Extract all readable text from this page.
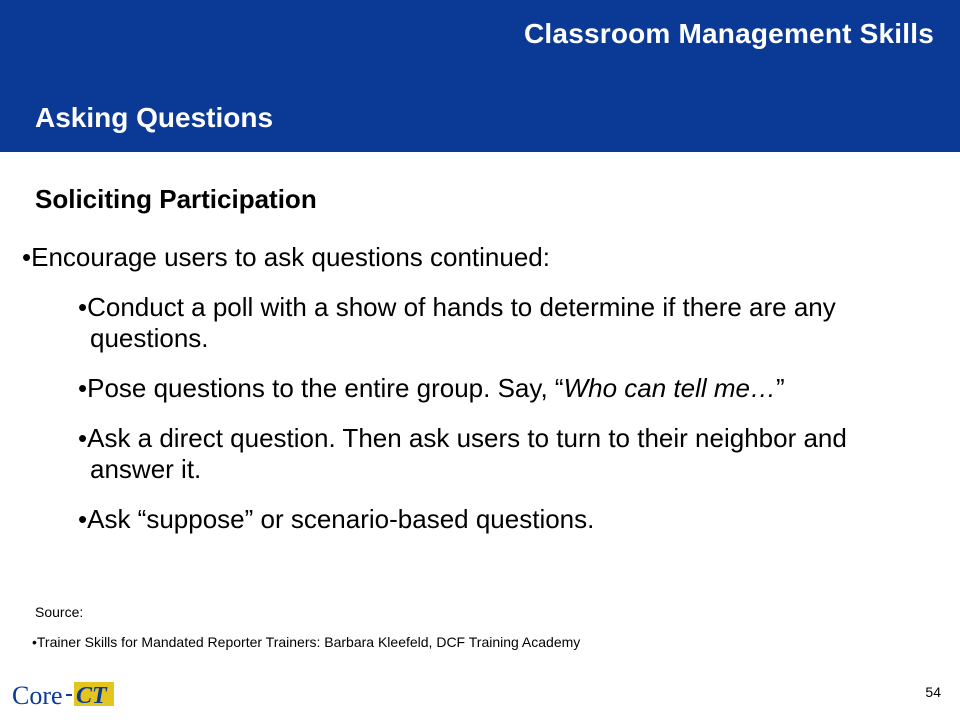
Classroom Management Skills
Asking Questions
Soliciting Participation
•Encourage users to ask questions continued:
•Conduct a poll with a show of hands to determine if there are any questions.
•Pose questions to the entire group. Say, “Who can tell me…”
•Ask a direct question. Then ask users to turn to their neighbor and answer it.
•Ask “suppose” or scenario-based questions.
Source:
•Trainer Skills for Mandated Reporter Trainers: Barbara Kleefeld, DCF Training Academy
Core CT	54
